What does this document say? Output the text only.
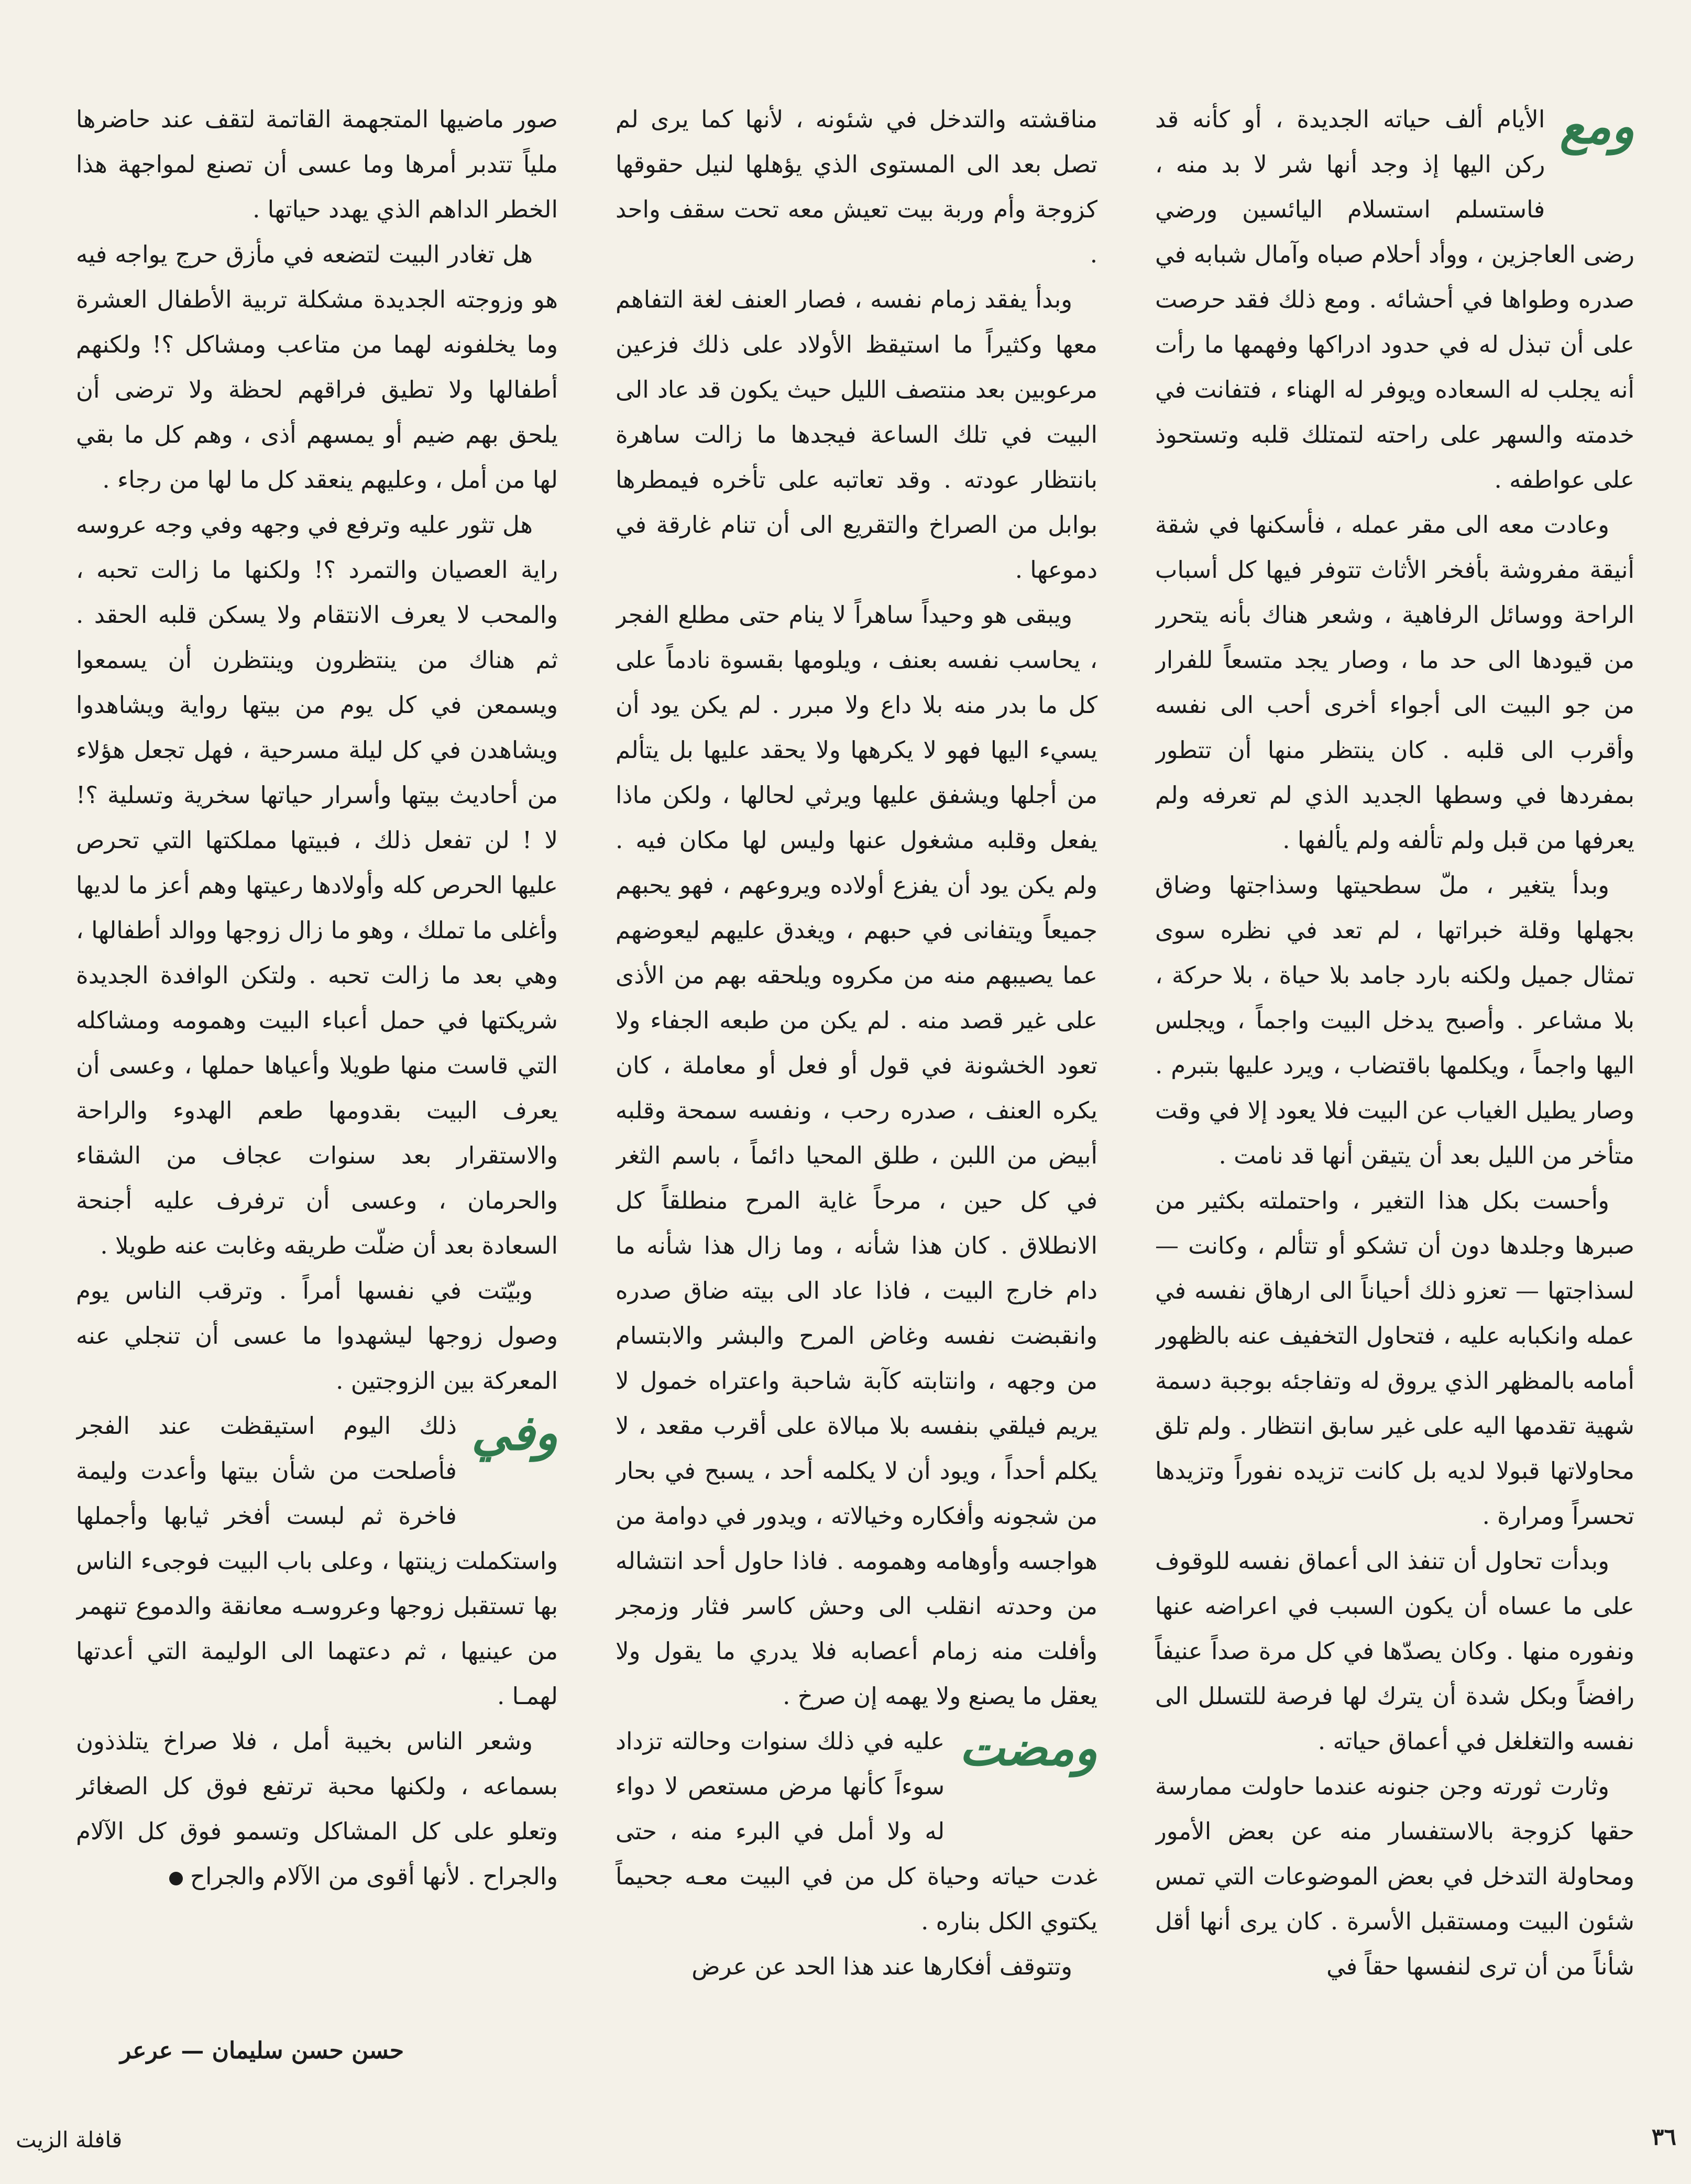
ومع

الأيام ألف حياته الجديدة ، أو كأنه قد ركن اليها إذ وجد أنها شر لا بد منه ، فاستسلم استسلام اليائسين ورضي رضى العاجزين ، ووأد أحلام صباه وآمال شبابه في صدره وطواها في أحشائه . ومع ذلك فقد حرصت على أن تبذل له في حدود ادراكها وفهمها ما رأت أنه يجلب له السعاده ويوفر له الهناء ، فتفانت في خدمته والسهر على راحته لتمتلك قلبه وتستحوذ على عواطفه .

وعادت معه الى مقر عمله ، فأسكنها في شقة أنيقة مفروشة بأفخر الأثاث تتوفر فيها كل أسباب الراحة ووسائل الرفاهية ، وشعر هناك بأنه يتحرر من قيودها الى حد ما ، وصار يجد متسعاً للفرار من جو البيت الى أجواء أخرى أحب الى نفسه وأقرب الى قلبه . كان ينتظر منها أن تتطور بمفردها في وسطها الجديد الذي لم تعرفه ولم يعرفها من قبل ولم تألفه ولم يألفها .

وبدأ يتغير ، ملّ سطحيتها وسذاجتها وضاق بجهلها وقلة خبراتها ، لم تعد في نظره سوى تمثال جميل ولكنه بارد جامد بلا حياة ، بلا حركة ، بلا مشاعر . وأصبح يدخل البيت واجماً ، ويجلس اليها واجماً ، ويكلمها باقتضاب ، ويرد عليها بتبرم . وصار يطيل الغياب عن البيت فلا يعود إلا في وقت متأخر من الليل بعد أن يتيقن أنها قد نامت .

وأحست بكل هذا التغير ، واحتملته بكثير من صبرها وجلدها دون أن تشكو أو تتألم ، وكانت — لسذاجتها — تعزو ذلك أحياناً الى ارهاق نفسه في عمله وانكبابه عليه ، فتحاول التخفيف عنه بالظهور أمامه بالمظهر الذي يروق له وتفاجئه بوجبة دسمة شهية تقدمها اليه على غير سابق انتظار . ولم تلق محاولاتها قبولا لديه بل كانت تزيده نفوراً وتزيدها تحسراً ومرارة .

وبدأت تحاول أن تنفذ الى أعماق نفسه للوقوف على ما عساه أن يكون السبب في اعراضه عنها ونفوره منها . وكان يصدّها في كل مرة صداً عنيفاً رافضاً وبكل شدة أن يترك لها فرصة للتسلل الى نفسه والتغلغل في أعماق حياته .

وثارت ثورته وجن جنونه عندما حاولت ممارسة حقها كزوجة بالاستفسار منه عن بعض الأمور ومحاولة التدخل في بعض الموضوعات التي تمس شئون البيت ومستقبل الأسرة . كان يرى أنها أقل شأناً من أن ترى لنفسها حقاً في

مناقشته والتدخل في شئونه ، لأنها كما يرى لم تصل بعد الى المستوى الذي يؤهلها لنيل حقوقها كزوجة وأم وربة بيت تعيش معه تحت سقف واحد .

وبدأ يفقد زمام نفسه ، فصار العنف لغة التفاهم معها وكثيراً ما استيقظ الأولاد على ذلك فزعين مرعوبين بعد منتصف الليل حيث يكون قد عاد الى البيت في تلك الساعة فيجدها ما زالت ساهرة بانتظار عودته . وقد تعاتبه على تأخره فيمطرها بوابل من الصراخ والتقريع الى أن تنام غارقة في دموعها .

ويبقى هو وحيداً ساهراً لا ينام حتى مطلع الفجر ، يحاسب نفسه بعنف ، ويلومها بقسوة نادماً على كل ما بدر منه بلا داع ولا مبرر . لم يكن يود أن يسيء اليها فهو لا يكرهها ولا يحقد عليها بل يتألم من أجلها ويشفق عليها ويرثي لحالها ، ولكن ماذا يفعل وقلبه مشغول عنها وليس لها مكان فيه . ولم يكن يود أن يفزع أولاده ويروعهم ، فهو يحبهم جميعاً ويتفانى في حبهم ، ويغدق عليهم ليعوضهم عما يصيبهم منه من مكروه ويلحقه بهم من الأذى على غير قصد منه . لم يكن من طبعه الجفاء ولا تعود الخشونة في قول أو فعل أو معاملة ، كان يكره العنف ، صدره رحب ، ونفسه سمحة وقلبه أبيض من اللبن ، طلق المحيا دائماً ، باسم الثغر في كل حين ، مرحاً غاية المرح منطلقاً كل الانطلاق . كان هذا شأنه ، وما زال هذا شأنه ما دام خارج البيت ، فاذا عاد الى بيته ضاق صدره وانقبضت نفسه وغاض المرح والبشر والابتسام من وجهه ، وانتابته كآبة شاحبة واعتراه خمول لا يريم فيلقي بنفسه بلا مبالاة على أقرب مقعد ، لا يكلم أحداً ، ويود أن لا يكلمه أحد ، يسبح في بحار من شجونه وأفكاره وخيالاته ، ويدور في دوامة من هواجسه وأوهامه وهمومه . فاذا حاول أحد انتشاله من وحدته انقلب الى وحش كاسر فثار وزمجر وأفلت منه زمام أعصابه فلا يدري ما يقول ولا يعقل ما يصنع ولا يهمه إن صرخ .

ومضت

عليه في ذلك سنوات وحالته تزداد سوءاً كأنها مرض مستعص لا دواء له ولا أمل في البرء منه ، حتى غدت حياته وحياة كل من في البيت معـه جحيماً يكتوي الكل بناره .

وتتوقف أفكارها عند هذا الحد عن عرض

صور ماضيها المتجهمة القاتمة لتقف عند حاضرها ملياً تتدبر أمرها وما عسى أن تصنع لمواجهة هذا الخطر الداهم الذي يهدد حياتها .

هل تغادر البيت لتضعه في مأزق حرج يواجه فيه هو وزوجته الجديدة مشكلة تربية الأطفال العشرة وما يخلفونه لهما من متاعب ومشاكل ؟! ولكنهم أطفالها ولا تطيق فراقهم لحظة ولا ترضى أن يلحق بهم ضيم أو يمسهم أذى ، وهم كل ما بقي لها من أمل ، وعليهم ينعقد كل ما لها من رجاء .

هل تثور عليه وترفع في وجهه وفي وجه عروسه راية العصيان والتمرد ؟! ولكنها ما زالت تحبه ، والمحب لا يعرف الانتقام ولا يسكن قلبه الحقد . ثم هناك من ينتظرون وينتظرن أن يسمعوا ويسمعن في كل يوم من بيتها رواية ويشاهدوا ويشاهدن في كل ليلة مسرحية ، فهل تجعل هؤلاء من أحاديث بيتها وأسرار حياتها سخرية وتسلية ؟! لا ! لن تفعل ذلك ، فبيتها مملكتها التي تحرص عليها الحرص كله وأولادها رعيتها وهم أعز ما لديها وأغلى ما تملك ، وهو ما زال زوجها ووالد أطفالها ، وهي بعد ما زالت تحبه . ولتكن الوافدة الجديدة شريكتها في حمل أعباء البيت وهمومه ومشاكله التي قاست منها طويلا وأعياها حملها ، وعسى أن يعرف البيت بقدومها طعم الهدوء والراحة والاستقرار بعد سنوات عجاف من الشقاء والحرمان ، وعسى أن ترفرف عليه أجنحة السعادة بعد أن ضلّت طريقه وغابت عنه طويلا .

وبيّتت في نفسها أمراً . وترقب الناس يوم وصول زوجها ليشهدوا ما عسى أن تنجلي عنه المعركة بين الزوجتين .

وفي

ذلك اليوم استيقظت عند الفجر فأصلحت من شأن بيتها وأعدت وليمة فاخرة ثم لبست أفخر ثيابها وأجملها واستكملت زينتها ، وعلى باب البيت فوجىء الناس بها تستقبل زوجها وعروسـه معانقة والدموع تنهمر من عينيها ، ثم دعتهما الى الوليمة التي أعدتها لهمـا .

وشعر الناس بخيبة أمل ، فلا صراخ يتلذذون بسماعه ، ولكنها محبة ترتفع فوق كل الصغائر وتعلو على كل المشاكل وتسمو فوق كل الآلام والجراح . لأنها أقوى من الآلام والجراح

حسن حسن سليمان — عرعر
قافلة الزيت	٣٦
